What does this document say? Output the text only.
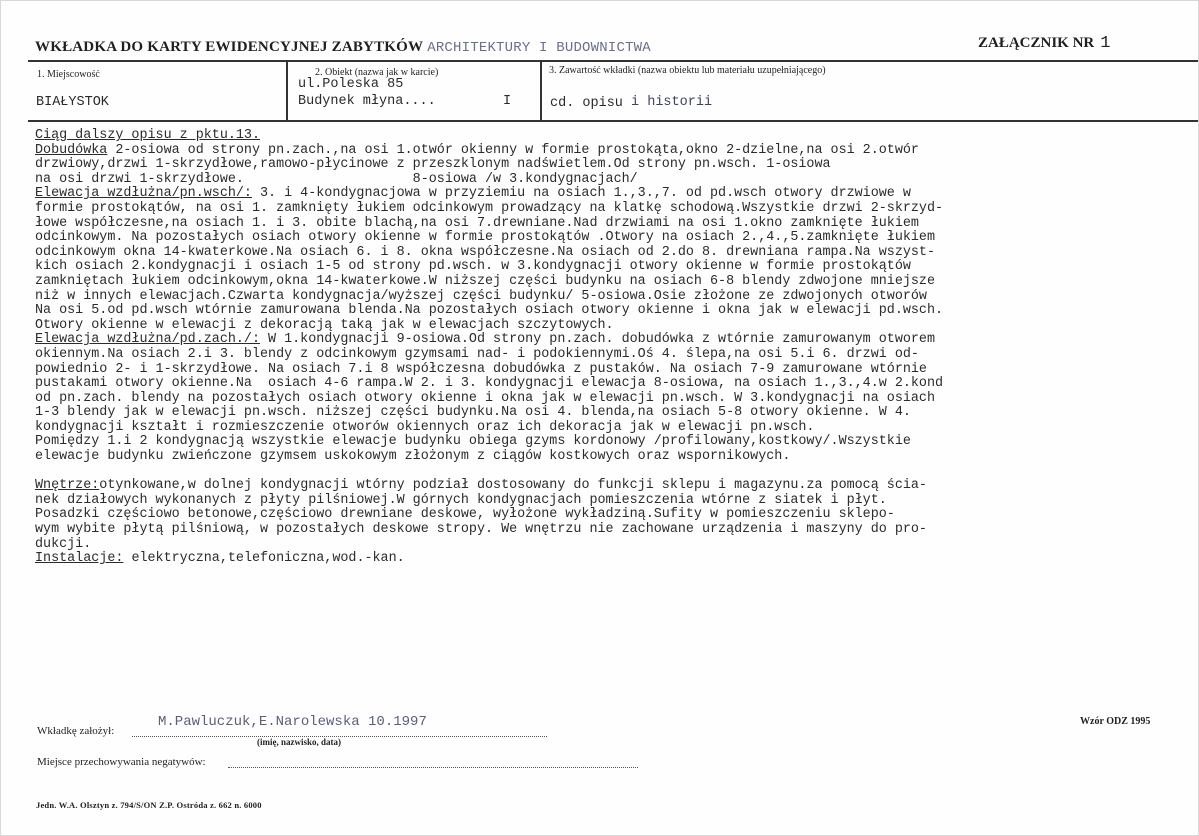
WKŁADKA DO KARTY EWIDENCYJNEJ ZABYTKÓW ARCHITEKTURY I BUDOWNICTWA	ZAŁĄCZNIK NR 1
1. Miejscowość
BIAŁYSTOK
2. Obiekt (nazwa jak w karcie)
ul.Poleska 85
Budynek młyna....	I
3. Zawartość wkładki (nazwa obiektu lub materiału uzupełniającego)
cd. opisu i historii
Ciąg dalszy opisu z pktu.13.
Dobudówka 2-osiowa od strony pn.zach.,na osi 1.otwór okienny w formie prostokąta,okno 2-dzielne,na osi 2.otwór
drzwiowy,drzwi 1-skrzydłowe,ramowo-płycinowe z przeszklonym nadświetlem.Od strony pn.wsch. 1-osiowa
na osi drzwi 1-skrzydłowe.                     8-osiowa /w 3.kondygnacjach/
Elewacja wzdłużna/pn.wsch/: 3. i 4-kondygnacjowa w przyziemiu na osiach 1.,3.,7. od pd.wsch otwory drzwiowe w
formie prostokątów, na osi 1. zamknięty łukiem odcinkowym prowadzący na klatkę schodową.Wszystkie drzwi 2-skrzyd-
łowe współczesne,na osiach 1. i 3. obite blachą,na osi 7.drewniane.Nad drzwiami na osi 1.okno zamknięte łukiem
odcinkowym. Na pozostałych osiach otwory okienne w formie prostokątów .Otwory na osiach 2.,4.,5.zamknięte łukiem
odcinkowym okna 14-kwaterkowe.Na osiach 6. i 8. okna współczesne.Na osiach od 2.do 8. drewniana rampa.Na wszyst-
kich osiach 2.kondygnacji i osiach 1-5 od strony pd.wsch. w 3.kondygnacji otwory okienne w formie prostokątów
zamkniętach łukiem odcinkowym,okna 14-kwaterkowe.W niższej części budynku na osiach 6-8 blendy zdwojone mniejsze
niż w innych elewacjach.Czwarta kondygnacja/wyższej części budynku/ 5-osiowa.Osie złożone ze zdwojonych otworów
Na osi 5.od pd.wsch wtórnie zamurowana blenda.Na pozostałych osiach otwory okienne i okna jak w elewacji pd.wsch.
Otwory okienne w elewacji z dekoracją taką jak w elewacjach szczytowych.
Elewacja wzdłużna/pd.zach./: W 1.kondygnacji 9-osiowa.Od strony pn.zach. dobudówka z wtórnie zamurowanym otworem
okiennym.Na osiach 2.i 3. blendy z odcinkowym gzymsami nad- i podokiennymi.Oś 4. ślepa,na osi 5.i 6. drzwi od-
powiednio 2- i 1-skrzydłowe. Na osiach 7.i 8 współczesna dobudówka z pustaków. Na osiach 7-9 zamurowane wtórnie
pustakami otwory okienne.Na  osiach 4-6 rampa.W 2. i 3. kondygnacji elewacja 8-osiowa, na osiach 1.,3.,4.w 2.kond
od pn.zach. blendy na pozostałych osiach otwory okienne i okna jak w elewacji pn.wsch. W 3.kondygnacji na osiach
1-3 blendy jak w elewacji pn.wsch. niższej części budynku.Na osi 4. blenda,na osiach 5-8 otwory okienne. W 4.
kondygnacji kształt i rozmieszczenie otworów okiennych oraz ich dekoracja jak w elewacji pn.wsch.
Pomiędzy 1.i 2 kondygnacją wszystkie elewacje budynku obiega gzyms kordonowy /profilowany,kostkowy/.Wszystkie
elewacje budynku zwieńczone gzymsem uskokowym złożonym z ciągów kostkowych oraz wspornikowych.

Wnętrze:otynkowane,w dolnej kondygnacji wtórny podział dostosowany do funkcji sklepu i magazynu.za pomocą ścia-
nek działowych wykonanych z płyty pilśniowej.W górnych kondygnacjach pomieszczenia wtórne z siatek i płyt.
Posadzki częściowo betonowe,częściowo drewniane deskowe, wyłożone wykładziną.Sufity w pomieszczeniu sklepo-
wym wybite płytą pilśniową, w pozostałych deskowe stropy. We wnętrzu nie zachowane urządzenia i maszyny do pro-
dukcji.
Instalacje: elektryczna,telefoniczna,wod.-kan.
Wkładkę założył:
M.Pawluczuk,E.Narolewska 10.1997
(imię, nazwisko, data)
Wzór ODZ 1995
Miejsce przechowywania negatywów:
Jedn. W.A. Olsztyn z. 794/S/ON Z.P. Ostróda z. 662 n. 6000
